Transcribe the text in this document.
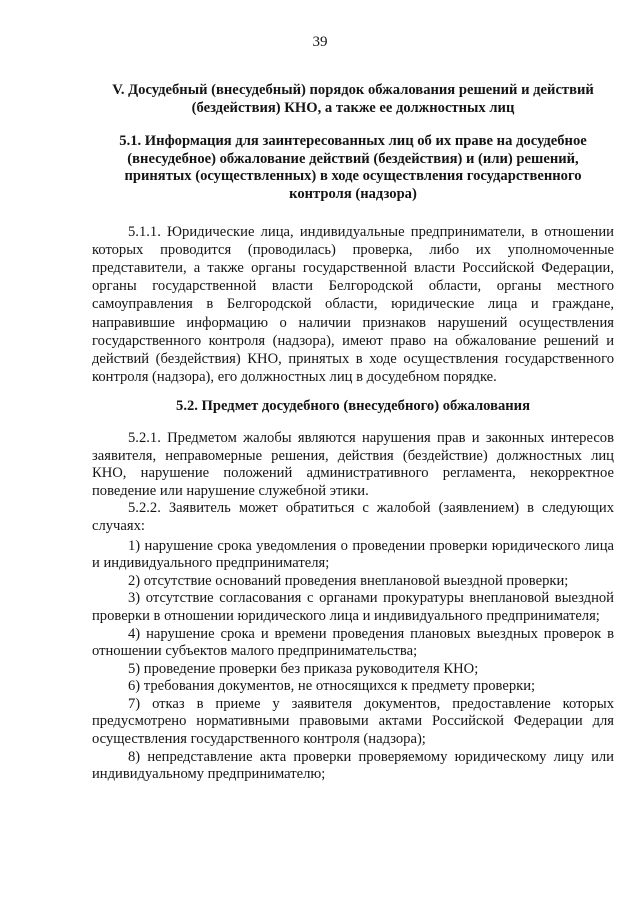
39

V. Досудебный (внесудебный) порядок обжалования решений и действий (бездействия) КНО, а также ее должностных лиц

5.1. Информация для заинтересованных лиц об их праве на досудебное (внесудебное) обжалование действий (бездействия) и (или) решений, принятых (осуществленных) в ходе осуществления государственного контроля (надзора)

5.1.1. Юридические лица, индивидуальные предприниматели, в отношении которых проводится (проводилась) проверка, либо их уполномоченные представители, а также органы государственной власти Российской Федерации, органы государственной власти Белгородской области, органы местного самоуправления в Белгородской области, юридические лица и граждане, направившие информацию о наличии признаков нарушений осуществления государственного контроля (надзора), имеют право на обжалование решений и действий (бездействия) КНО, принятых в ходе осуществления государственного контроля (надзора), его должностных лиц в досудебном порядке.

5.2. Предмет досудебного (внесудебного) обжалования

5.2.1. Предметом жалобы являются нарушения прав и законных интересов заявителя, неправомерные решения, действия (бездействие) должностных лиц КНО, нарушение положений административного регламента, некорректное поведение или нарушение служебной этики.

5.2.2. Заявитель может обратиться с жалобой (заявлением) в следующих случаях:

1) нарушение срока уведомления о проведении проверки юридического лица и индивидуального предпринимателя;

2) отсутствие оснований проведения внеплановой выездной проверки;

3) отсутствие согласования с органами прокуратуры внеплановой выездной проверки в отношении юридического лица и индивидуального предпринимателя;

4) нарушение срока и времени проведения плановых выездных проверок в отношении субъектов малого предпринимательства;

5) проведение проверки без приказа руководителя КНО;

6) требования документов, не относящихся к предмету проверки;

7) отказ в приеме у заявителя документов, предоставление которых предусмотрено нормативными правовыми актами Российской Федерации для осуществления государственного контроля (надзора);

8) непредставление акта проверки проверяемому юридическому лицу или индивидуальному предпринимателю;
